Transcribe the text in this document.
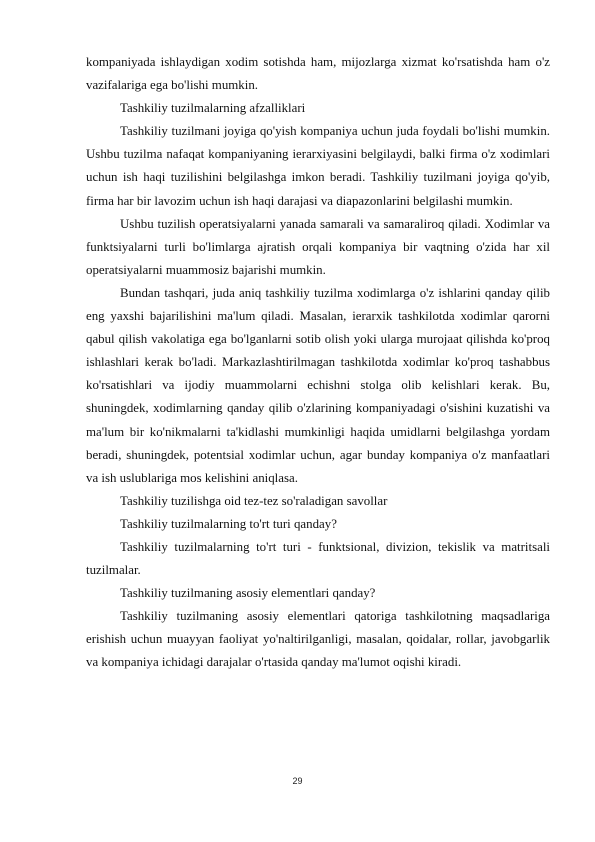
kompaniyada ishlaydigan xodim sotishda ham, mijozlarga xizmat ko'rsatishda ham o'z vazifalariga ega bo'lishi mumkin.

Tashkiliy tuzilmalarning afzalliklari

Tashkiliy tuzilmani joyiga qo'yish kompaniya uchun juda foydali bo'lishi mumkin. Ushbu tuzilma nafaqat kompaniyaning ierarxiyasini belgilaydi, balki firma o'z xodimlari uchun ish haqi tuzilishini belgilashga imkon beradi. Tashkiliy tuzilmani joyiga qo'yib, firma har bir lavozim uchun ish haqi darajasi va diapazonlarini belgilashi mumkin.

Ushbu tuzilish operatsiyalarni yanada samarali va samaraliroq qiladi. Xodimlar va funktsiyalarni turli bo'limlarga ajratish orqali kompaniya bir vaqtning o'zida har xil operatsiyalarni muammosiz bajarishi mumkin.

Bundan tashqari, juda aniq tashkiliy tuzilma xodimlarga o'z ishlarini qanday qilib eng yaxshi bajarilishini ma'lum qiladi. Masalan, ierarxik tashkilotda xodimlar qarorni qabul qilish vakolatiga ega bo'lganlarni sotib olish yoki ularga murojaat qilishda ko'proq ishlashlari kerak bo'ladi. Markazlashtirilmagan tashkilotda xodimlar ko'proq tashabbus ko'rsatishlari va ijodiy muammolarni echishni stolga olib kelishlari kerak. Bu, shuningdek, xodimlarning qanday qilib o'zlarining kompaniyadagi o'sishini kuzatishi va ma'lum bir ko'nikmalarni ta'kidlashi mumkinligi haqida umidlarni belgilashga yordam beradi, shuningdek, potentsial xodimlar uchun, agar bunday kompaniya o'z manfaatlari va ish uslublariga mos kelishini aniqlasa.

Tashkiliy tuzilishga oid tez-tez so'raladigan savollar

Tashkiliy tuzilmalarning to'rt turi qanday?

Tashkiliy tuzilmalarning to'rt turi - funktsional, divizion, tekislik va matritsali tuzilmalar.

Tashkiliy tuzilmaning asosiy elementlari qanday?

Tashkiliy tuzilmaning asosiy elementlari qatoriga tashkilotning maqsadlariga erishish uchun muayyan faoliyat yo'naltirilganligi, masalan, qoidalar, rollar, javobgarlik va kompaniya ichidagi darajalar o'rtasida qanday ma'lumot oqishi kiradi.

29
